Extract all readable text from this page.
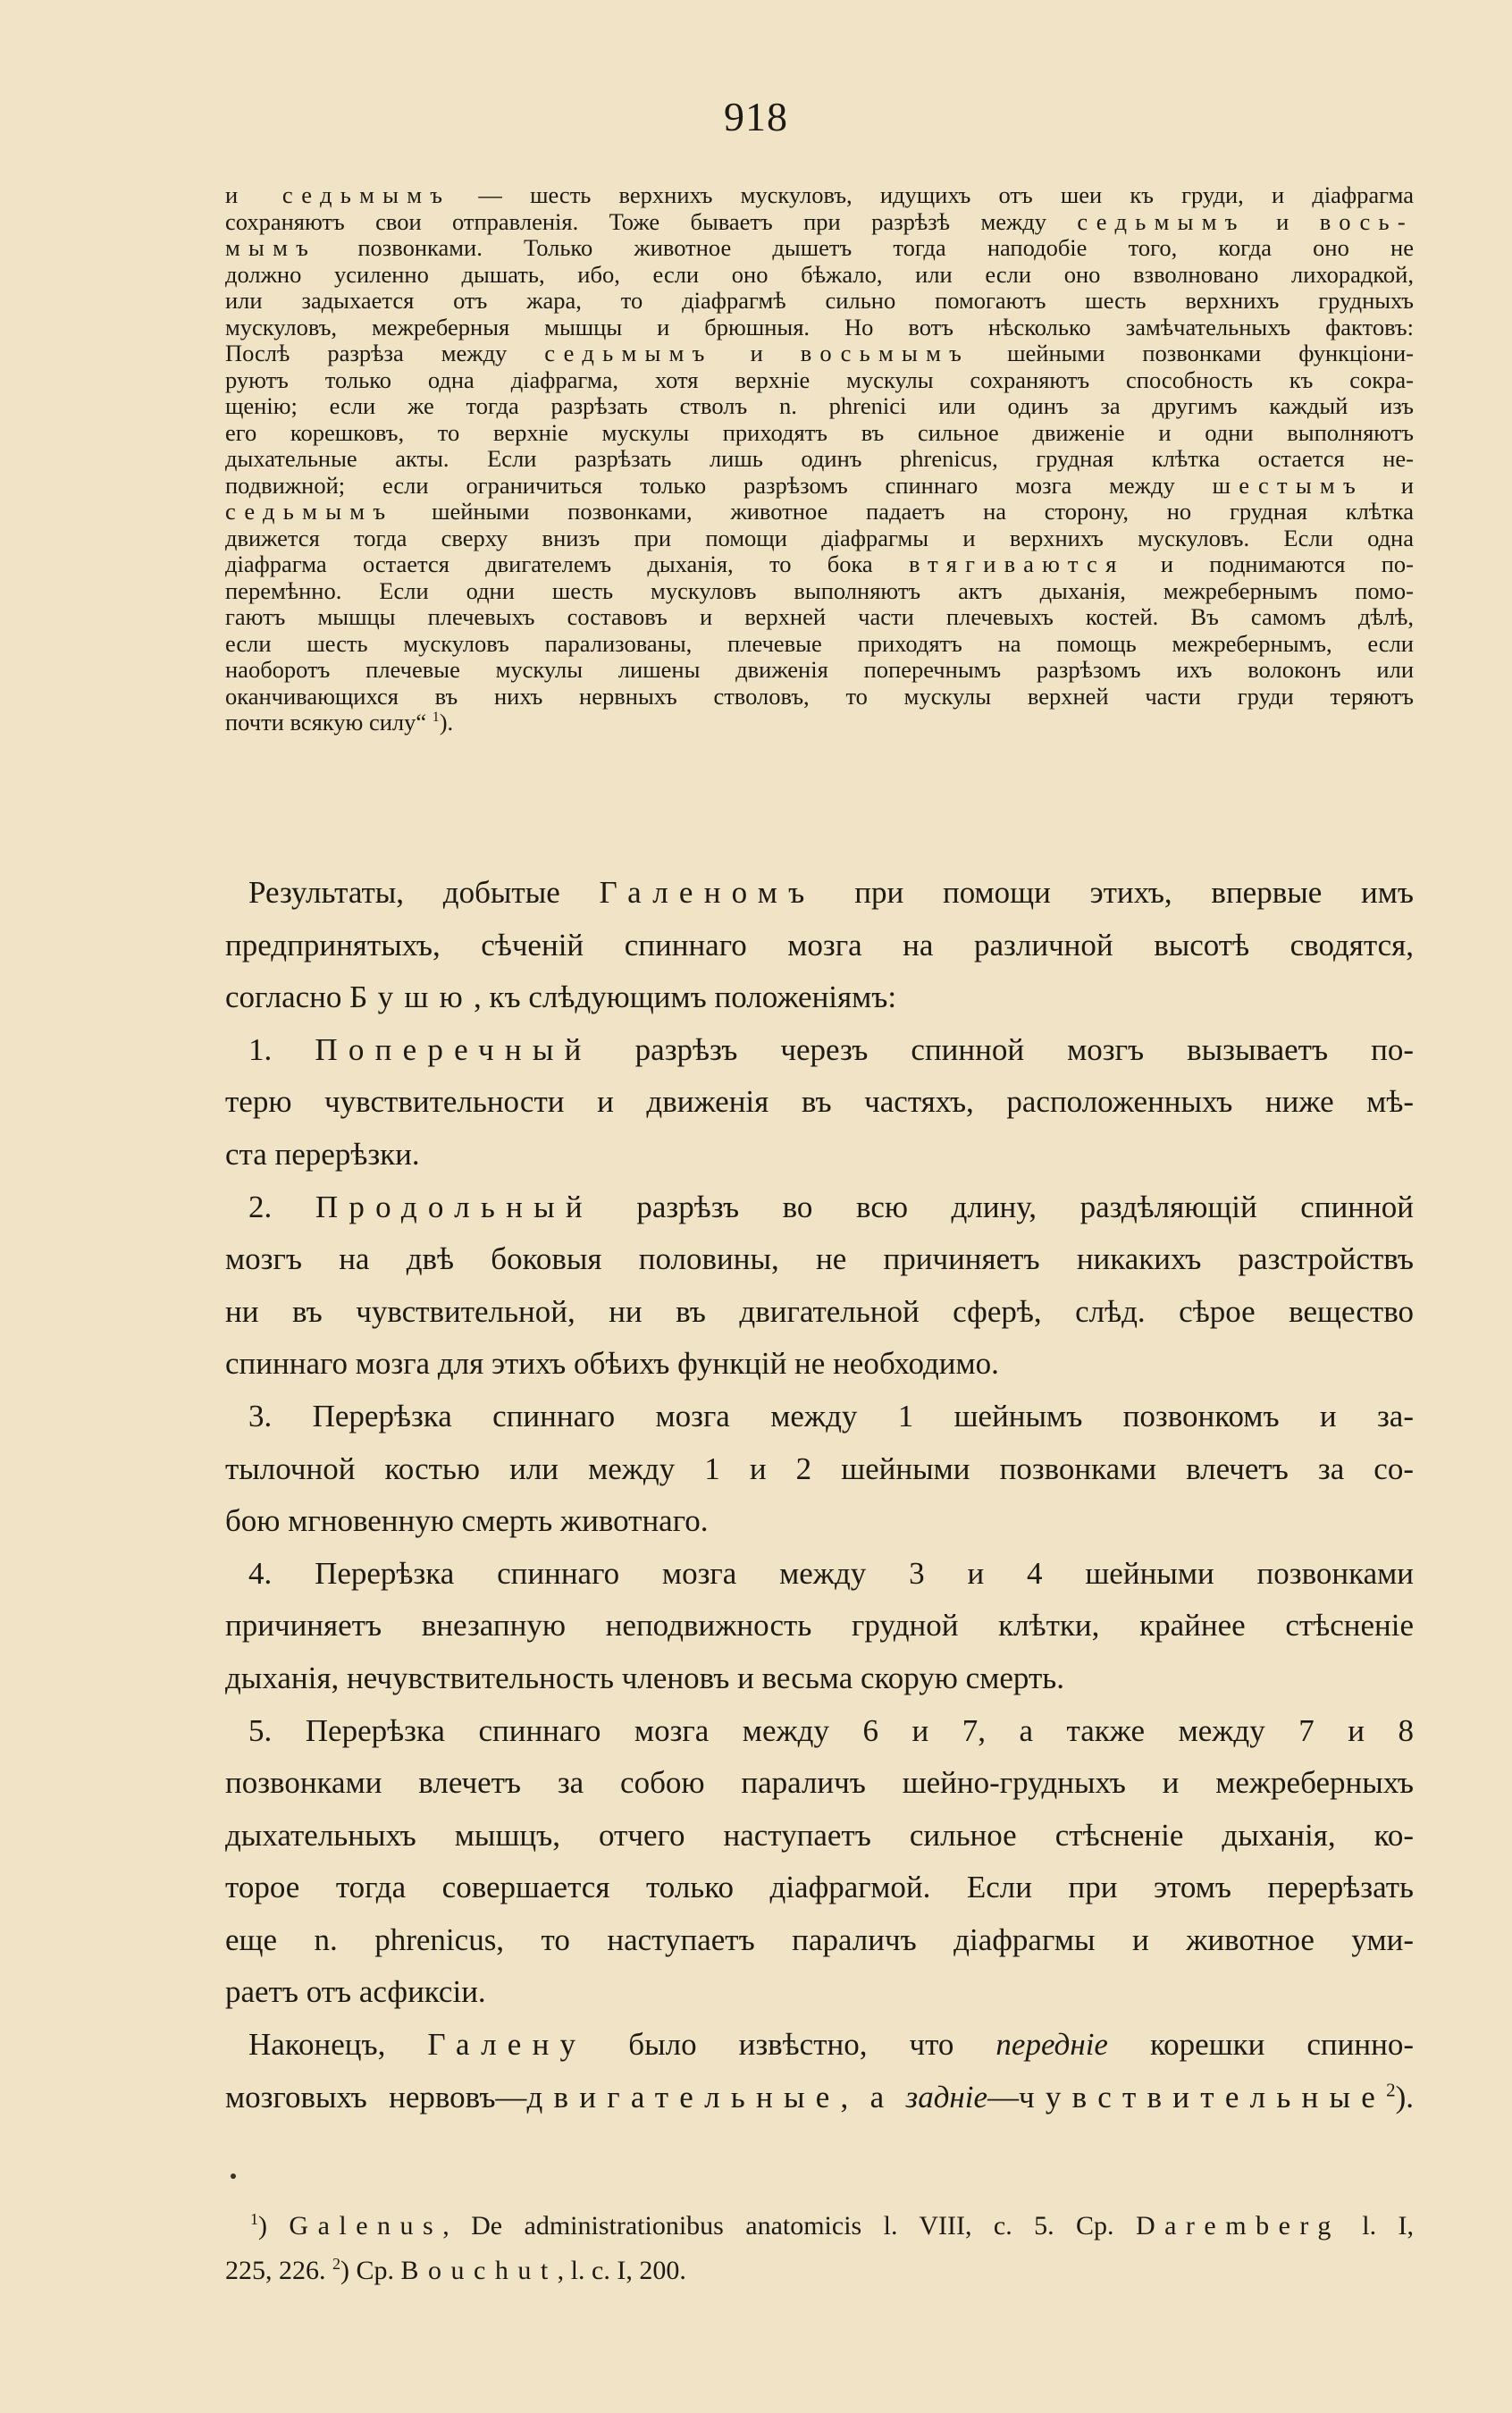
918
и седьмымъ — шесть верхнихъ мускуловъ, идущихъ отъ шеи къ груди, и діафрагма
сохраняютъ свои отправленія. Тоже бываетъ при разрѣзѣ между седьмымъ и вось-
мымъ позвонками. Только животное дышетъ тогда наподобіе того, когда оно не
должно усиленно дышать, ибо, если оно бѣжало, или если оно взволновано лихорадкой,
или задыхается отъ жара, то діафрагмѣ сильно помогаютъ шесть верхнихъ грудныхъ
мускуловъ, межреберныя мышцы и брюшныя. Но вотъ нѣсколько замѣчательныхъ фактовъ:
Послѣ разрѣза между седьмымъ и восьмымъ шейными позвонками функціони-
руютъ только одна діафрагма, хотя верхніе мускулы сохраняютъ способность къ сокра-
щенію; если же тогда разрѣзать стволъ n. phrenici или одинъ за другимъ каждый изъ
его корешковъ, то верхніе мускулы приходятъ въ сильное движеніе и одни выполняютъ
дыхательные акты. Если разрѣзать лишь одинъ phrenicus, грудная клѣтка остается не-
подвижной; если ограничиться только разрѣзомъ спиннаго мозга между шестымъ и
седьмымъ шейными позвонками, животное падаетъ на сторону, но грудная клѣтка
движется тогда сверху внизъ при помощи діафрагмы и верхнихъ мускуловъ. Если одна
діафрагма остается двигателемъ дыханія, то бока втягиваются и поднимаются по-
перемѣнно. Если одни шесть мускуловъ выполняютъ актъ дыханія, межребернымъ помо-
гаютъ мышцы плечевыхъ составовъ и верхней части плечевыхъ костей. Въ самомъ дѣлѣ,
если шесть мускуловъ парализованы, плечевые приходятъ на помощь межребернымъ, если
наоборотъ плечевые мускулы лишены движенія поперечнымъ разрѣзомъ ихъ волоконъ или
оканчивающихся въ нихъ нервныхъ стволовъ, то мускулы верхней части груди теряютъ
почти всякую силу“ $^1$).
Результаты, добытые Галеномъ при помощи этихъ, впервые имъ
предпринятыхъ, сѣченій спиннаго мозга на различной высотѣ сводятся,
согласно Бушю, къ слѣдующимъ положеніямъ:
1. Поперечный разрѣзъ черезъ спинной мозгъ вызываетъ по-
терю чувствительности и движенія въ частяхъ, расположенныхъ ниже мѣ-
ста перерѣзки.
2. Продольный разрѣзъ во всю длину, раздѣляющій спинной
мозгъ на двѣ боковыя половины, не причиняетъ никакихъ разстройствъ
ни въ чувствительной, ни въ двигательной сферѣ, слѣд. сѣрое вещество
спиннаго мозга для этихъ обѣихъ функцій не необходимо.
3. Перерѣзка спиннаго мозга между 1 шейнымъ позвонкомъ и за-
тылочной костью или между 1 и 2 шейными позвонками влечетъ за со-
бою мгновенную смерть животнаго.
4. Перерѣзка спиннаго мозга между 3 и 4 шейными позвонками
причиняетъ внезапную неподвижность грудной клѣтки, крайнее стѣсненіе
дыханія, нечувствительность членовъ и весьма скорую смерть.
5. Перерѣзка спиннаго мозга между 6 и 7, а также между 7 и 8
позвонками влечетъ за собою параличъ шейно-грудныхъ и межреберныхъ
дыхательныхъ мышцъ, отчего наступаетъ сильное стѣсненіе дыханія, ко-
торое тогда совершается только діафрагмой. Если при этомъ перерѣзать
еще n. phrenicus, то наступаетъ параличъ діафрагмы и животное уми-
раетъ отъ асфиксіи.
Наконецъ, Галену было извѣстно, что передніе корешки спинно-
мозговыхъ нервовъ—двигательные, а задніе—чувствительные$^2$).
$^1$) Galenus, De administrationibus anatomicis l. VIII, c. 5. Ср. Daremberg l. I,
225, 226. $^2$) Ср. Bouchut, l. c. I, 200.
